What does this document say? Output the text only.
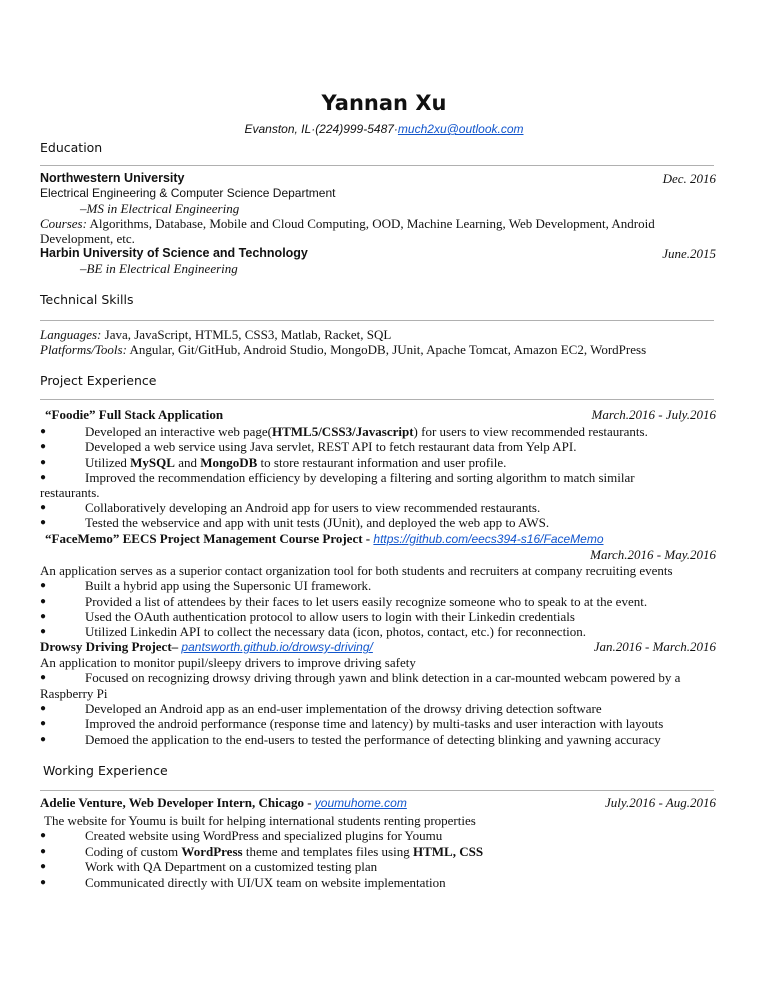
Yannan Xu
Evanston, IL·(224)999-5487·much2xu@outlook.com
Education
Northwestern University	Dec. 2016
Electrical Engineering & Computer Science Department
–MS in Electrical Engineering
Courses: Algorithms, Database, Mobile and Cloud Computing, OOD, Machine Learning, Web Development, Android
Development, etc.
Harbin University of Science and Technology	June.2015
–BE in Electrical Engineering
Technical Skills
Languages: Java, JavaScript, HTML5, CSS3, Matlab, Racket, SQL
Platforms/Tools: Angular, Git/GitHub, Android Studio, MongoDB, JUnit, Apache Tomcat, Amazon EC2, WordPress
Project Experience
“Foodie” Full Stack Application	March.2016 - July.2016
●	Developed an interactive web page(HTML5/CSS3/Javascript) for users to view recommended restaurants.
●	Developed a web service using Java servlet, REST API to fetch restaurant data from Yelp API.
●	Utilized MySQL and MongoDB to store restaurant information and user profile.
●	Improved the recommendation efficiency by developing a filtering and sorting algorithm to match similar
restaurants.
●	Collaboratively developing an Android app for users to view recommended restaurants.
●	Tested the webservice and app with unit tests (JUnit), and deployed the web app to AWS.
“FaceMemo” EECS Project Management Course Project - https://github.com/eecs394-s16/FaceMemo
March.2016 - May.2016
An application serves as a superior contact organization tool for both students and recruiters at company recruiting events
●	Built a hybrid app using the Supersonic UI framework.
●	Provided a list of attendees by their faces to let users easily recognize someone who to speak to at the event.
●	Used the OAuth authentication protocol to allow users to login with their Linkedin credentials
●	Utilized Linkedin API to collect the necessary data (icon, photos, contact, etc.) for reconnection.
Drowsy Driving Project– pantsworth.github.io/drowsy-driving/	Jan.2016 - March.2016
An application to monitor pupil/sleepy drivers to improve driving safety
●	Focused on recognizing drowsy driving through yawn and blink detection in a car-mounted webcam powered by a
Raspberry Pi
●	Developed an Android app as an end-user implementation of the drowsy driving detection software
●	Improved the android performance (response time and latency) by multi-tasks and user interaction with layouts
●	Demoed the application to the end-users to tested the performance of detecting blinking and yawning accuracy
Working Experience
Adelie Venture, Web Developer Intern, Chicago - youmuhome.com	July.2016 - Aug.2016
The website for Youmu is built for helping international students renting properties
●	Created website using WordPress and specialized plugins for Youmu
●	Coding of custom WordPress theme and templates files using HTML, CSS
●	Work with QA Department on a customized testing plan
●	Communicated directly with UI/UX team on website implementation
